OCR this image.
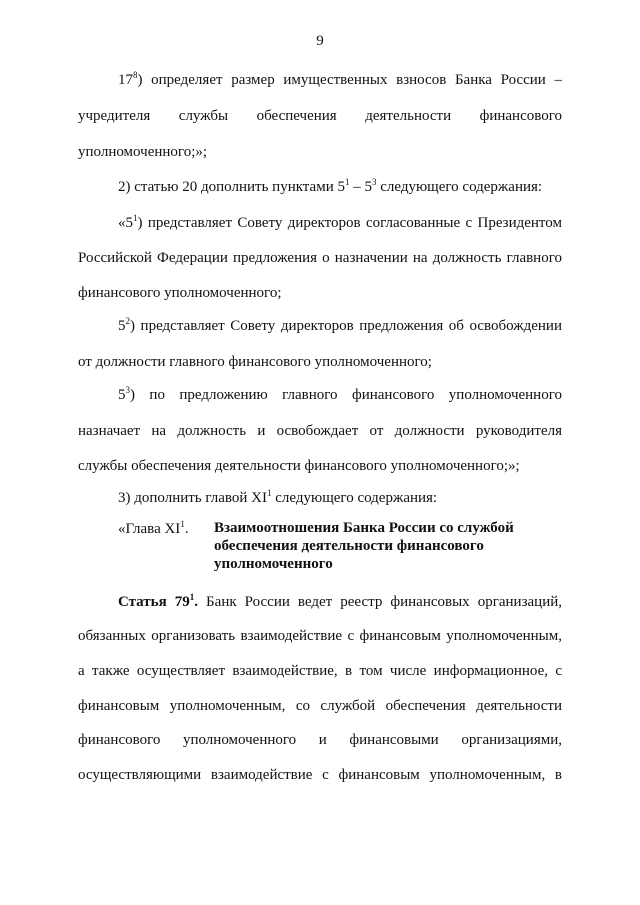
9
$17^8$) определяет размер имущественных взносов Банка России –
учредителя службы обеспечения деятельности финансового
уполномоченного;»;
2) статью 20 дополнить пунктами $5^1 - 5^3$ следующего содержания:
«$5^1$) представляет Совету директоров согласованные с Президентом
Российской Федерации предложения о назначении на должность главного
финансового уполномоченного;
$5^2$) представляет Совету директоров предложения об освобождении
от должности главного финансового уполномоченного;
$5^3$) по предложению главного финансового уполномоченного
назначает на должность и освобождает от должности руководителя
службы обеспечения деятельности финансового уполномоченного;»;
3) дополнить главой $XI^1$ следующего содержания:
«Глава $XI^1$. Взаимоотношения Банка России со службой обеспечения деятельности финансового уполномоченного
Статья $79^1$. Банк России ведет реестр финансовых организаций,
обязанных организовать взаимодействие с финансовым уполномоченным,
а также осуществляет взаимодействие, в том числе информационное, с
финансовым уполномоченным, со службой обеспечения деятельности
финансового уполномоченного и финансовыми организациями,
осуществляющими взаимодействие с финансовым уполномоченным, в
